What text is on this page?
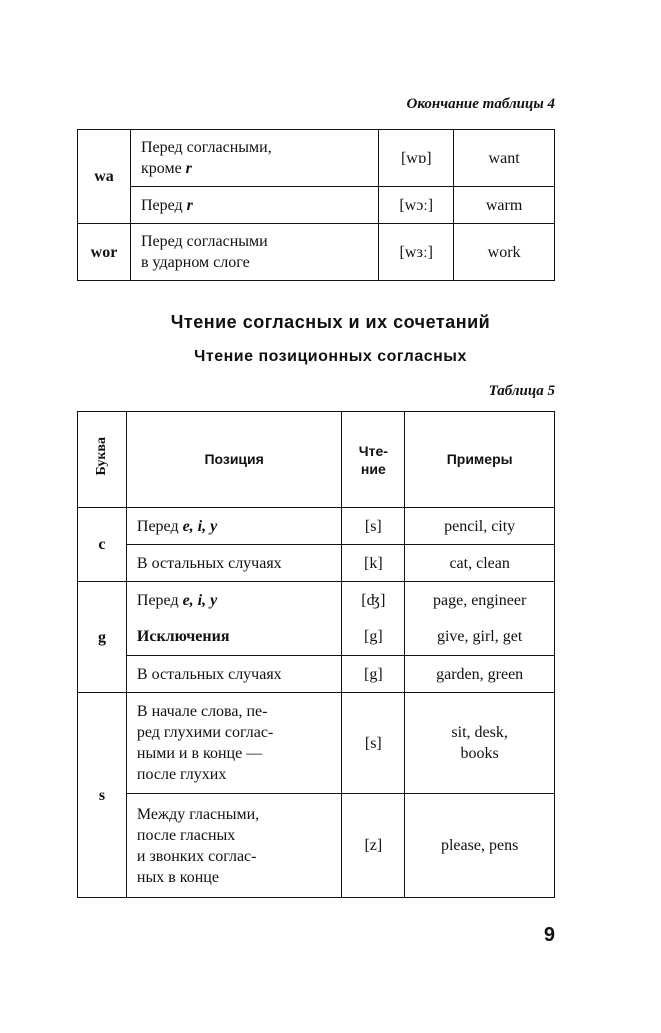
Окончание таблицы 4
wa	Перед согласными,
кроме r	[wɒ]	want
	Перед r	[wɔː]	warm
wor	Перед согласными
в ударном слоге	[wɜː]	work
Чтение согласных и их сочетаний
Чтение позиционных согласных
Таблица 5
Буква	Позиция	Чте-
ние	Примеры
c	Перед e, i, y	[s]	pencil, city
	В остальных случаях	[k]	cat, clean
g	Перед e, i, y	[ʤ]	page, engineer
	Исключения	[g]	give, girl, get
	В остальных случаях	[g]	garden, green
s	В начале слова, пе-
ред глухими соглас-
ными и в конце —
после глухих	[s]	sit, desk,
books
	Между гласными,
после гласных
и звонких соглас-
ных в конце	[z]	please, pens
9
